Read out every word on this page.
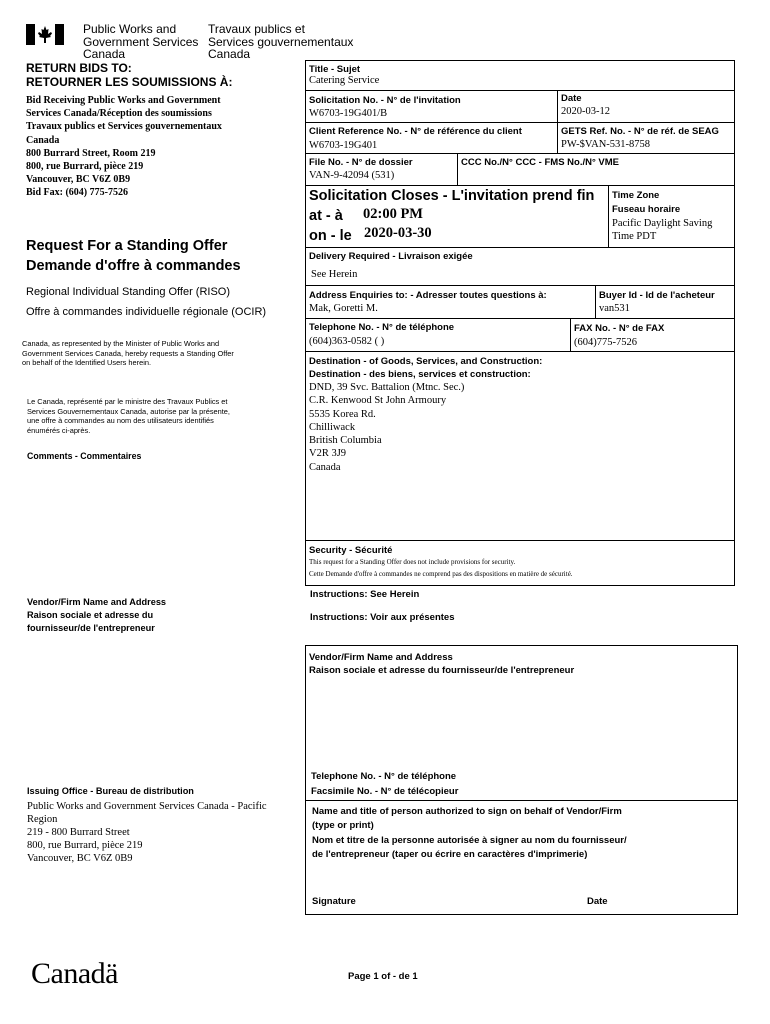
Public Works and
Government Services
Canada
Travaux publics et
Services gouvernementaux
Canada
RETURN BIDS TO:
RETOURNER LES SOUMISSIONS À:
Bid Receiving Public Works and Government
Services Canada/Réception des soumissions
Travaux publics et Services gouvernementaux
Canada
800 Burrard Street, Room 219
800, rue Burrard, pièce 219
Vancouver, BC V6Z 0B9
Bid Fax: (604) 775-7526
Request For a Standing Offer
Demande d'offre à commandes
Regional Individual Standing Offer (RISO)
Offre à commandes individuelle régionale (OCIR)
Canada, as represented by the Minister of Public Works and
Government Services Canada, hereby requests a Standing Offer
on behalf of the Identified Users herein.
Le Canada, représenté par le ministre des Travaux Publics et
Services Gouvernementaux Canada, autorise par la présente,
une offre à commandes au nom des utilisateurs identifiés
énumérés ci-après.
Comments - Commentaires
Vendor/Firm Name and Address
Raison sociale et adresse du
fournisseur/de l'entrepreneur
Issuing Office - Bureau de distribution
Public Works and Government Services Canada - Pacific
Region
219 - 800 Burrard Street
800, rue Burrard, pièce 219
Vancouver, BC V6Z 0B9
Title - Sujet
Catering Service
Solicitation No. - N° de l'invitation
W6703-19G401/B
Date
2020-03-12
Client Reference No. - N° de référence du client
W6703-19G401
GETS Ref. No. - N° de réf. de SEAG
PW-$VAN-531-8758
File No. - N° de dossier
VAN-9-42094 (531)
CCC No./N° CCC - FMS No./N° VME
Solicitation Closes - L'invitation prend fin
at - à 02:00 PM
on - le 2020-03-30
Time Zone
Fuseau horaire
Pacific Daylight Saving
Time PDT
Delivery Required - Livraison exigée
See Herein
Address Enquiries to: - Adresser toutes questions à:
Mak, Goretti M.
Buyer Id - Id de l'acheteur
van531
Telephone No. - N° de téléphone
(604)363-0582 ( )
FAX No. - N° de FAX
(604)775-7526
Destination - of Goods, Services, and Construction:
Destination - des biens, services et construction:
DND, 39 Svc. Battalion (Mtnc. Sec.)
C.R. Kenwood St John Armoury
5535 Korea Rd.
Chilliwack
British Columbia
V2R 3J9
Canada
Security - Sécurité
This request for a Standing Offer does not include provisions for security.
Cette Demande d'offre à commandes ne comprend pas des dispositions en matière de sécurité.
Instructions: See Herein
Instructions: Voir aux présentes
Vendor/Firm Name and Address
Raison sociale et adresse du fournisseur/de l'entrepreneur
Telephone No. - N° de téléphone
Facsimile No. - N° de télécopieur
Name and title of person authorized to sign on behalf of Vendor/Firm
(type or print)
Nom et titre de la personne autorisée à signer au nom du fournisseur/
de l'entrepreneur (taper ou écrire en caractères d'imprimerie)
Signature	Date
Canadä	Page 1 of - de 1
